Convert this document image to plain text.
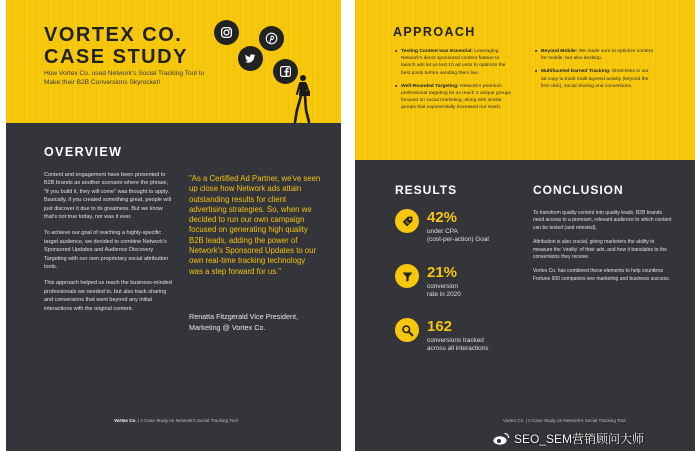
VORTEX CO.
CASE STUDY
How Vortex Co. used Network's Social Tracking Tool to Make their B2B Conversions Skyrocket!
OVERVIEW

Content and engagement have been presented to B2B brands as another scenario where the phrase, "if you build it, they will come" was thought to apply. Basically, if you created something great, people will just discover it due to its greatness. But we know that's not true today, nor was it ever.

To achieve our goal of reaching a highly-specific target audience, we decided to combine Network's Sponsored Updates and Audience Discovery Targeting with our own proprietary social attribution tools.

This approach helped us reach the business-minded professionals we needed to, but also track sharing and conversions that went beyond any initial interactions with the original content.

"As a Certified Ad Partner, we've seen up close how Network ads attain outstanding results for client advertising strategies. So, when we decided to run our own campaign focused on generating high quality B2B leads, adding the power of Network's Sponsored Updates to our own real-time tracking technology was a step forward for us."
Renatta Fitzgerald Vice President,
Marketing @ Vortex Co.
Vortex Co. | A Case Study on Network's Social Tracking Tool
APPROACH
■ Testing Content was Essential: Leveraging Network's direct sponsored content feature to launch ads let us test 10 ad units to optimize the best posts before sending them live.
■ Well-Rounded Targeting: Network's premium professional targeting let us reach 3 unique groups focused on social marketing, along with similar groups that exponentially increased our reach.
■ Beyond Mobile: We made sure to optimize content for mobile, but also desktop.
■ Multifaceted Earned Tracking: Short-links in our ad copy to track multi-layered activity (beyond the first click), social sharing and conversions.
RESULTS
% 42%
under CPA
(cost-per-action) Goal
21%
conversion
rate in 2020
162
conversions tracked
across all interactions
CONCLUSION

To transform quality content into quality leads, B2B brands need access to a premium, relevant audience to which content can be tested (and retested).

Attribution is also crucial, giving marketers the ability to measure the 'virality' of their ads, and how it translates to the conversions they receive.

Vortex Co. has combined these elements to help countless Fortune 500 companies see marketing and business success.

Vortex Co. | A Case Study on Network's Social Tracking Tool
SEO_SEM营销顾问大师
